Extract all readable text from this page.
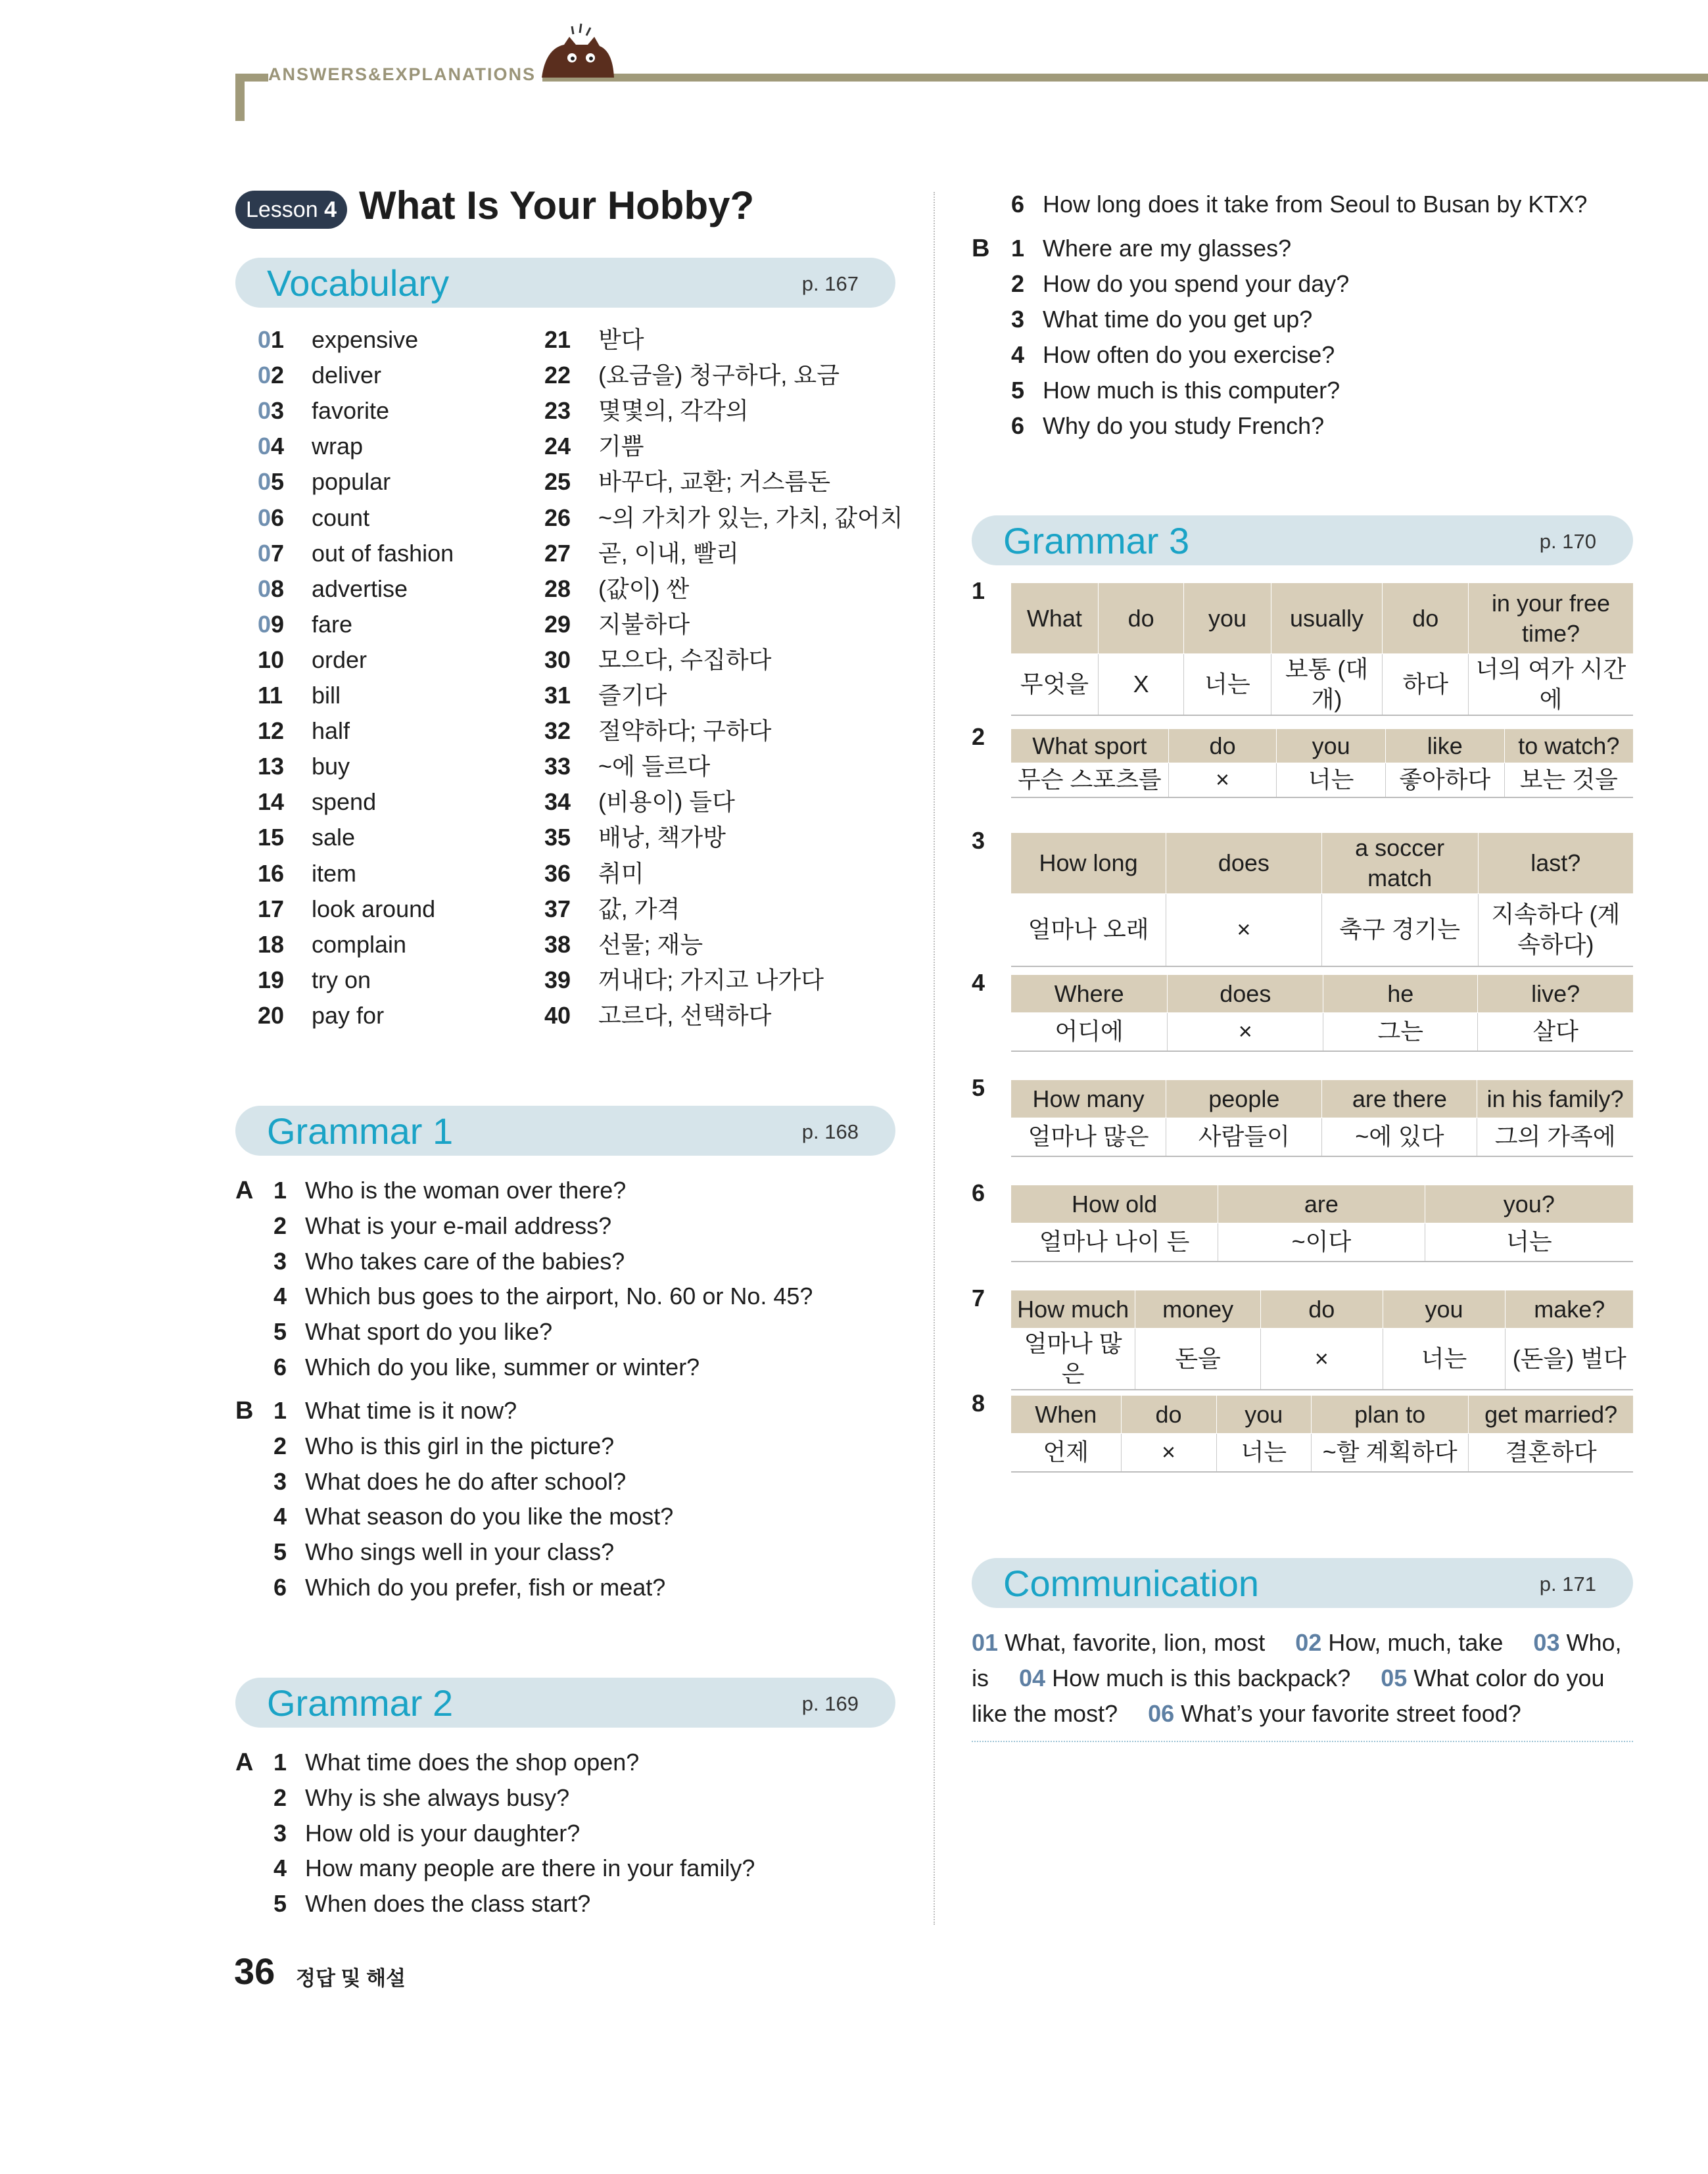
ANSWERS&EXPLANATIONS
Lesson 4 What Is Your Hobby?
Vocabulary	p. 167
01 expensive
02 deliver
03 favorite
04 wrap
05 popular
06 count
07 out of fashion
08 advertise
09 fare
10 order
11 bill
12 half
13 buy
14 spend
15 sale
16 item
17 look around
18 complain
19 try on
20 pay for
21 받다
22 (요금을) 청구하다, 요금
23 몇몇의, 각각의
24 기쁨
25 바꾸다, 교환; 거스름돈
26 ~의 가치가 있는, 가치, 값어치
27 곧, 이내, 빨리
28 (값이) 싼
29 지불하다
30 모으다, 수집하다
31 즐기다
32 절약하다; 구하다
33 ~에 들르다
34 (비용이) 들다
35 배낭, 책가방
36 취미
37 값, 가격
38 선물; 재능
39 꺼내다; 가지고 나가다
40 고르다, 선택하다
Grammar 1	p. 168
A 1 Who is the woman over there?
2 What is your e-mail address?
3 Who takes care of the babies?
4 Which bus goes to the airport, No. 60 or No. 45?
5 What sport do you like?
6 Which do you like, summer or winter?
B 1 What time is it now?
2 Who is this girl in the picture?
3 What does he do after school?
4 What season do you like the most?
5 Who sings well in your class?
6 Which do you prefer, fish or meat?
Grammar 2	p. 169
A 1 What time does the shop open?
2 Why is she always busy?
3 How old is your daughter?
4 How many people are there in your family?
5 When does the class start?
6 How long does it take from Seoul to Busan by KTX?
B 1 Where are my glasses?
2 How do you spend your day?
3 What time do you get up?
4 How often do you exercise?
5 How much is this computer?
6 Why do you study French?
Grammar 3	p. 170
1
What	do	you	usually	do	in your free time?
무엇을	X	너는	보통 (대개)	하다	너의 여가 시간에
2 What sport	do	you	like	to watch?
무슨 스포츠를	×	너는	좋아하다	보는 것을
3
How long	does	a soccer match	last?
얼마나 오래	×	축구 경기는	지속하다 (계속하다)
4	Where	does	he	live?
어디에	×	그는	살다
5 How many	people	are there	in his family?
얼마나 많은	사람들이	~에 있다	그의 가족에
6	How old	are	you?
얼마나 나이 든	~이다	너는
7 How much	money	do	you	make?
얼마나 많은	돈을	×	너는	(돈을) 벌다
8 When	do	you	plan to	get married?
언제	×	너는	~할 계획하다	결혼하다
Communication	p. 171
01 What, favorite, lion, most  02 How, much, take  03 Who, is  04 How much is this backpack?  05 What color do you like the most?  06 What’s your favorite street food?
36 정답 및 해설
